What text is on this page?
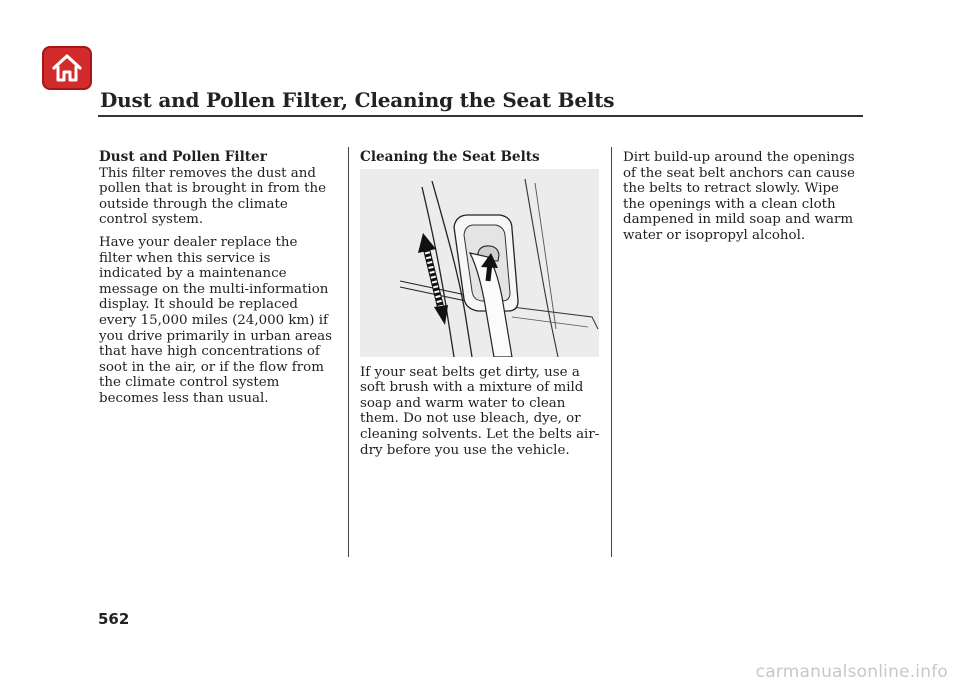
Dust and Pollen Filter, Cleaning the Seat Belts
Dust and Pollen Filter

This filter removes the dust and pollen that is brought in from the outside through the climate control system.

Have your dealer replace the filter when this service is indicated by a maintenance message on the multi-information display. It should be replaced every 15,000 miles (24,000 km) if you drive primarily in urban areas that have high concentrations of soot in the air, or if the flow from the climate control system becomes less than usual.

Cleaning the Seat Belts

If your seat belts get dirty, use a soft brush with a mixture of mild soap and warm water to clean them. Do not use bleach, dye, or cleaning solvents. Let the belts air-dry before you use the vehicle.

Dirt build-up around the openings of the seat belt anchors can cause the belts to retract slowly. Wipe the openings with a clean cloth dampened in mild soap and warm water or isopropyl alcohol.

562
carmanualsonline.info
